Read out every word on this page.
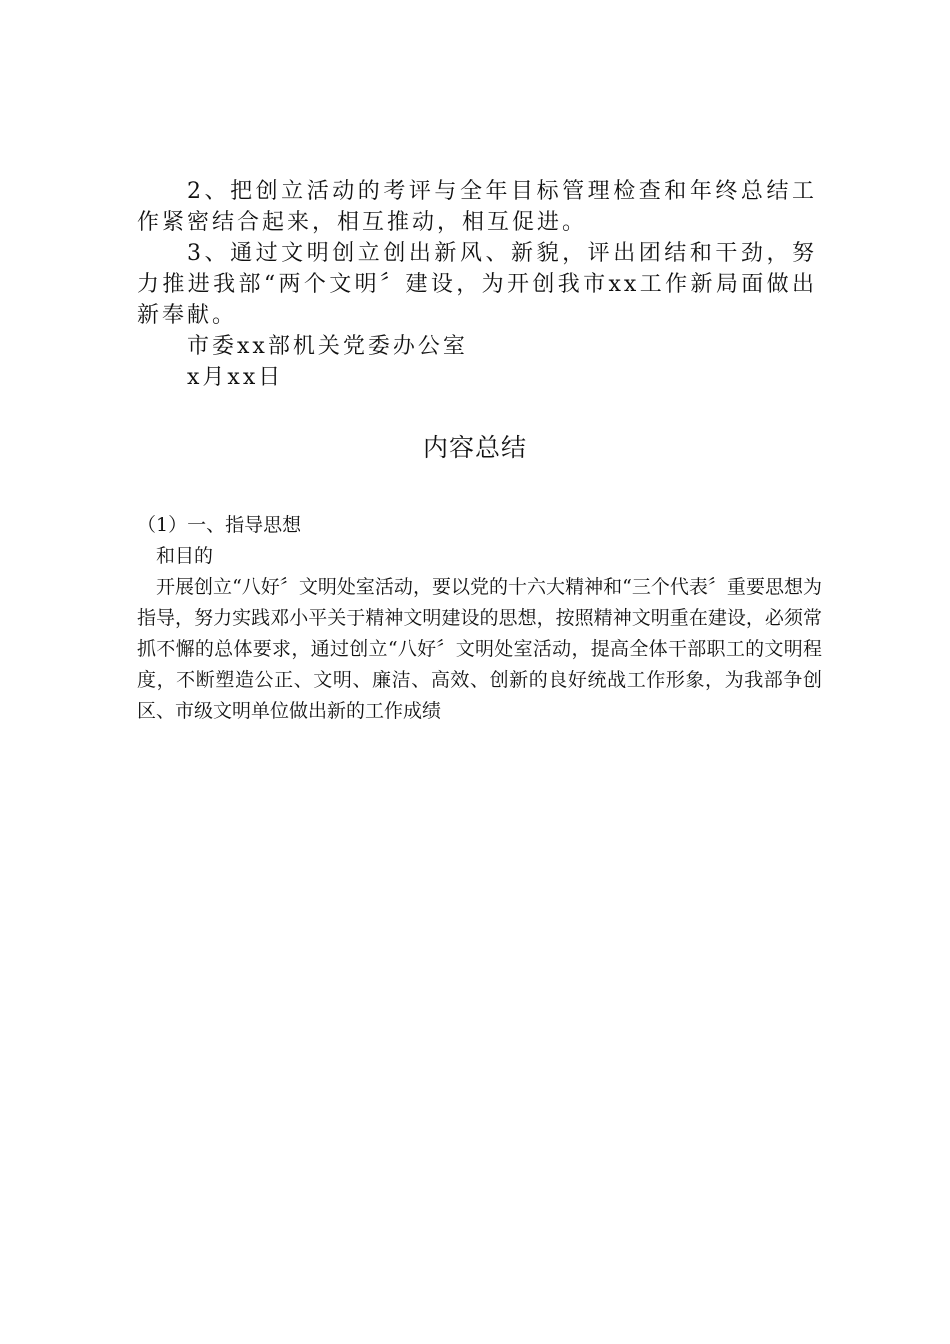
2、把创立活动的考评与全年目标管理检查和年终总结工作紧密结合起来，相互推动，相互促进。

3、通过文明创立创出新风、新貌，评出团结和干劲，努力推进我部“两个文明〞建设，为开创我市xx工作新局面做出新奉献。

市委xx部机关党委办公室

x月xx日

内容总结

（1）一、指导思想

和目的

开展创立“八好〞文明处室活动，要以党的十六大精神和“三个代表〞重要思想为指导，努力实践邓小平关于精神文明建设的思想，按照精神文明重在建设，必须常抓不懈的总体要求，通过创立“八好〞文明处室活动，提高全体干部职工的文明程度，不断塑造公正、文明、廉洁、高效、创新的良好统战工作形象，为我部争创区、市级文明单位做出新的工作成绩
